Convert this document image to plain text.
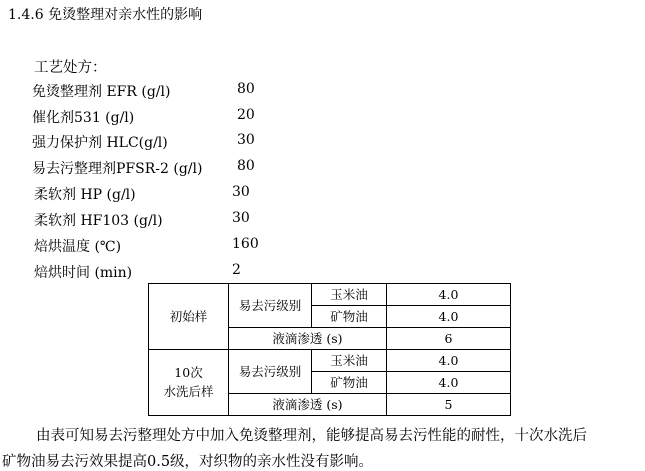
1.4.6 免烫整理对亲水性的影响
工艺处方：
免烫整理剂 EFR (g/l)	80
催化剂531 (g/l)	20
强力保护剂 HLC(g/l)	30
易去污整理剂PFSR-2 (g/l) 80
柔软剂 HP (g/l)	30
柔软剂 HF103 (g/l)	30
焙烘温度 (℃)	160
焙烘时间 (min)	2
初始样	易去污级别	玉米油	4.0
		矿物油	4.0
	液滴渗透 (s)		6

10次
水洗后样	易去污级别	玉米油	4.0
		矿物油	4.0
	液滴渗透 (s)		5
由表可知易去污整理处方中加入免烫整理剂，能够提高易去污性能的耐性，十次水洗后
矿物油易去污效果提高0.5级，对织物的亲水性没有影响。
